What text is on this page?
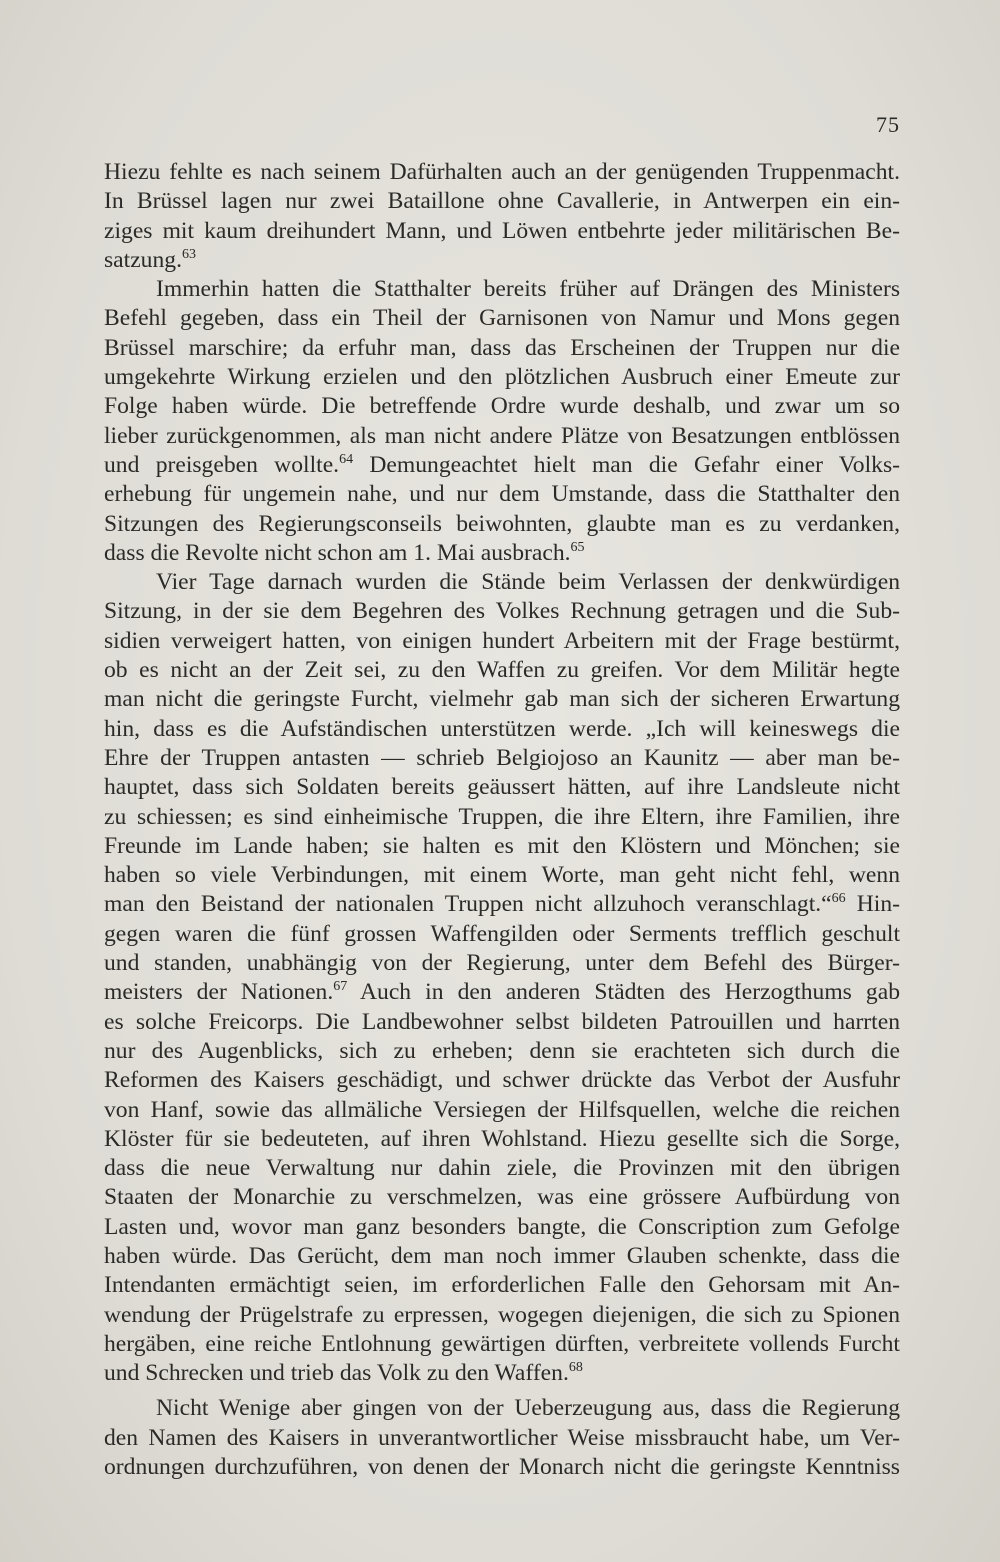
75
Hiezu fehlte es nach seinem Dafürhalten auch an der genügenden Truppenmacht.
In Brüssel lagen nur zwei Bataillone ohne Cavallerie, in Antwerpen ein ein-
ziges mit kaum dreihundert Mann, und Löwen entbehrte jeder militärischen Be-
satzung.$^{63}$
Immerhin hatten die Statthalter bereits früher auf Drängen des Ministers
Befehl gegeben, dass ein Theil der Garnisonen von Namur und Mons gegen
Brüssel marschire; da erfuhr man, dass das Erscheinen der Truppen nur die
umgekehrte Wirkung erzielen und den plötzlichen Ausbruch einer Emeute zur
Folge haben würde. Die betreffende Ordre wurde deshalb, und zwar um so
lieber zurückgenommen, als man nicht andere Plätze von Besatzungen entblössen
und preisgeben wollte.$^{64}$ Demungeachtet hielt man die Gefahr einer Volks-
erhebung für ungemein nahe, und nur dem Umstande, dass die Statthalter den
Sitzungen des Regierungsconseils beiwohnten, glaubte man es zu verdanken,
dass die Revolte nicht schon am 1. Mai ausbrach.$^{65}$
Vier Tage darnach wurden die Stände beim Verlassen der denkwürdigen
Sitzung, in der sie dem Begehren des Volkes Rechnung getragen und die Sub-
sidien verweigert hatten, von einigen hundert Arbeitern mit der Frage bestürmt,
ob es nicht an der Zeit sei, zu den Waffen zu greifen. Vor dem Militär hegte
man nicht die geringste Furcht, vielmehr gab man sich der sicheren Erwartung
hin, dass es die Aufständischen unterstützen werde. „Ich will keineswegs die
Ehre der Truppen antasten — schrieb Belgiojoso an Kaunitz — aber man be-
hauptet, dass sich Soldaten bereits geäussert hätten, auf ihre Landsleute nicht
zu schiessen; es sind einheimische Truppen, die ihre Eltern, ihre Familien, ihre
Freunde im Lande haben; sie halten es mit den Klöstern und Mönchen; sie
haben so viele Verbindungen, mit einem Worte, man geht nicht fehl, wenn
man den Beistand der nationalen Truppen nicht allzuhoch veranschlagt.“$^{66}$ Hin-
gegen waren die fünf grossen Waffengilden oder Serments trefflich geschult
und standen, unabhängig von der Regierung, unter dem Befehl des Bürger-
meisters der Nationen.$^{67}$ Auch in den anderen Städten des Herzogthums gab
es solche Freicorps. Die Landbewohner selbst bildeten Patrouillen und harrten
nur des Augenblicks, sich zu erheben; denn sie erachteten sich durch die
Reformen des Kaisers geschädigt, und schwer drückte das Verbot der Ausfuhr
von Hanf, sowie das allmäliche Versiegen der Hilfsquellen, welche die reichen
Klöster für sie bedeuteten, auf ihren Wohlstand. Hiezu gesellte sich die Sorge,
dass die neue Verwaltung nur dahin ziele, die Provinzen mit den übrigen
Staaten der Monarchie zu verschmelzen, was eine grössere Aufbürdung von
Lasten und, wovor man ganz besonders bangte, die Conscription zum Gefolge
haben würde. Das Gerücht, dem man noch immer Glauben schenkte, dass die
Intendanten ermächtigt seien, im erforderlichen Falle den Gehorsam mit An-
wendung der Prügelstrafe zu erpressen, wogegen diejenigen, die sich zu Spionen
hergäben, eine reiche Entlohnung gewärtigen dürften, verbreitete vollends Furcht
und Schrecken und trieb das Volk zu den Waffen.$^{68}$
Nicht Wenige aber gingen von der Ueberzeugung aus, dass die Regierung
den Namen des Kaisers in unverantwortlicher Weise missbraucht habe, um Ver-
ordnungen durchzuführen, von denen der Monarch nicht die geringste Kenntniss
